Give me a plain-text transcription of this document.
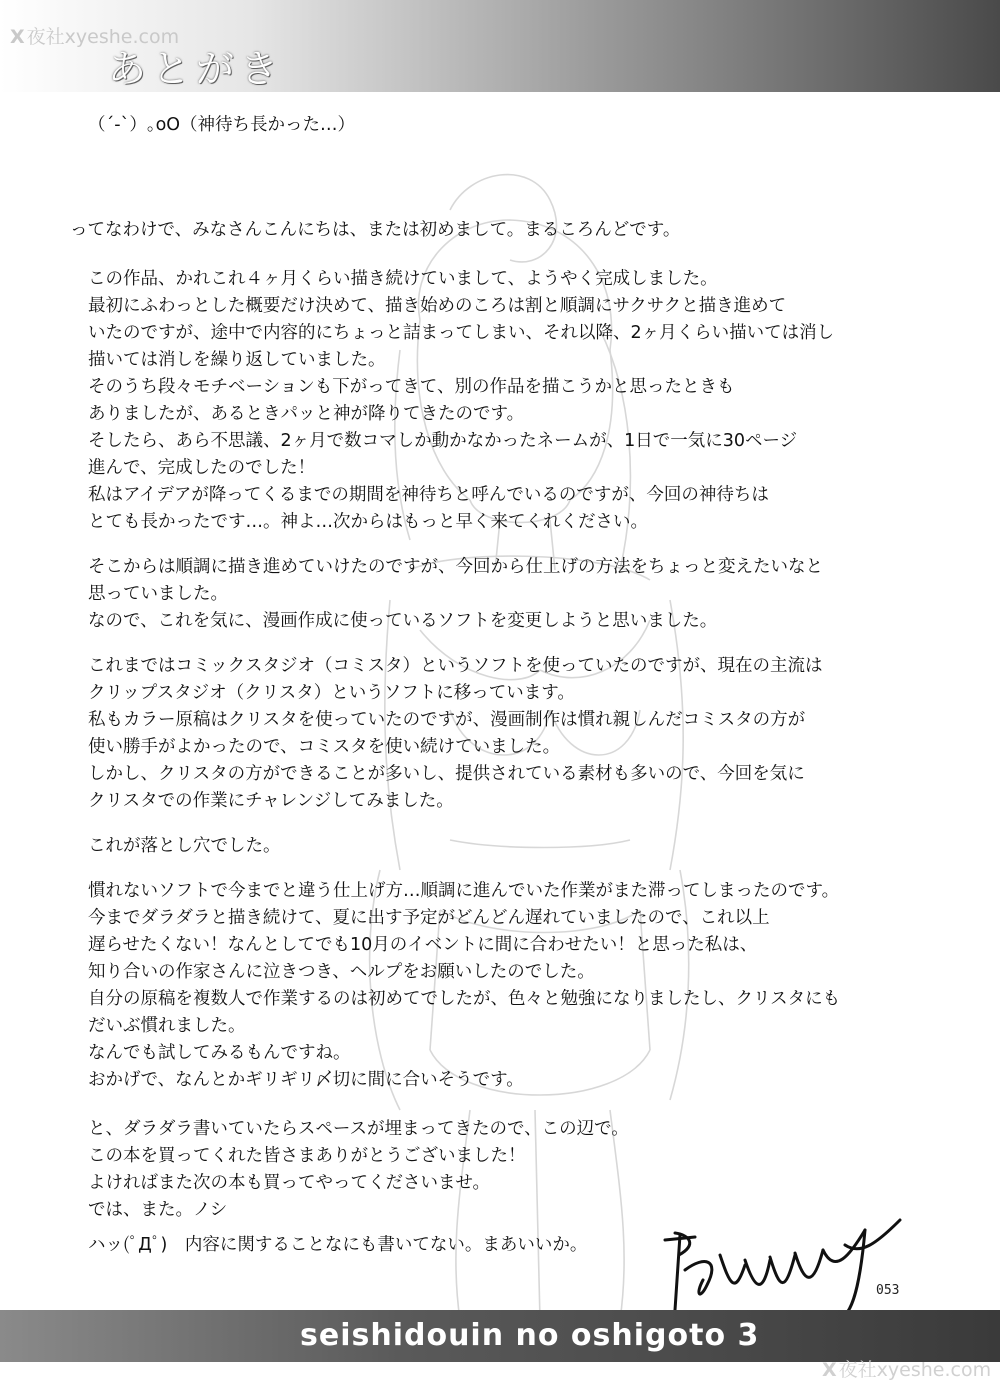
あとがき
X 夜社xyeshe.com

（´-`）｡oO（神待ち長かった…）

ってなわけで、みなさんこんにちは、または初めまして。まるころんどです。

この作品、かれこれ４ヶ月くらい描き続けていまして、ようやく完成しました。

最初にふわっとした概要だけ決めて、描き始めのころは割と順調にサクサクと描き進めて
いたのですが、途中で内容的にちょっと詰まってしまい、それ以降、2ヶ月くらい描いては消し
描いては消しを繰り返していました。

そのうち段々モチベーションも下がってきて、別の作品を描こうかと思ったときも
ありましたが、あるときパッと神が降りてきたのです。

そしたら、あら不思議、2ヶ月で数コマしか動かなかったネームが、1日で一気に30ページ
進んで、完成したのでした！

私はアイデアが降ってくるまでの期間を神待ちと呼んでいるのですが、今回の神待ちは
とても長かったです…。神よ…次からはもっと早く来てくれください。

そこからは順調に描き進めていけたのですが、今回から仕上げの方法をちょっと変えたいなと
思っていました。

なので、これを気に、漫画作成に使っているソフトを変更しようと思いました。

これまではコミックスタジオ（コミスタ）というソフトを使っていたのですが、現在の主流は
クリップスタジオ（クリスタ）というソフトに移っています。

私もカラー原稿はクリスタを使っていたのですが、漫画制作は慣れ親しんだコミスタの方が
使い勝手がよかったので、コミスタを使い続けていました。

しかし、クリスタの方ができることが多いし、提供されている素材も多いので、今回を気に
クリスタでの作業にチャレンジしてみました。

これが落とし穴でした。

慣れないソフトで今までと違う仕上げ方…順調に進んでいた作業がまた滞ってしまったのです。

今までダラダラと描き続けて、夏に出す予定がどんどん遅れていましたので、これ以上
遅らせたくない！なんとしてでも10月のイベントに間に合わせたい！と思った私は、
知り合いの作家さんに泣きつき、ヘルプをお願いしたのでした。

自分の原稿を複数人で作業するのは初めてでしたが、色々と勉強になりましたし、クリスタにも
だいぶ慣れました。

なんでも試してみるもんですね。

おかげで、なんとかギリギリ〆切に間に合いそうです。

と、ダラダラ書いていたらスペースが埋まってきたので、この辺で。
この本を買ってくれた皆さまありがとうございました！
よければまた次の本も買ってやってくださいませ。
では、また。ノシ

ハッ(ﾟДﾟ)　内容に関することなにも書いてない。まあいいか。

053
seishidouin no oshigoto 3
X 夜社xyeshe.com
